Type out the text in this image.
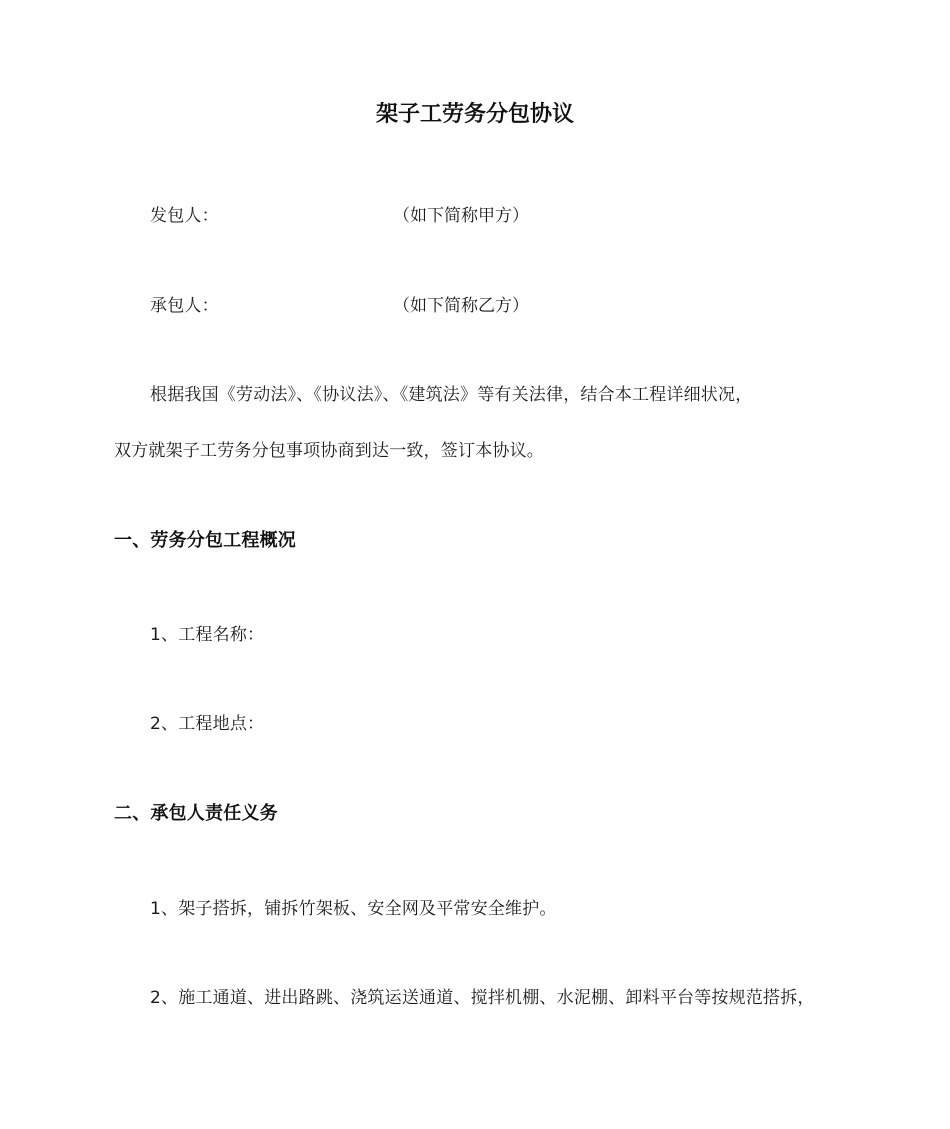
架子工劳务分包协议
发包人：	（如下简称甲方）
承包人：	（如下简称乙方）
根据我国《劳动法》、《协议法》、《建筑法》等有关法律，结合本工程详细状况，
双方就架子工劳务分包事项协商到达一致，签订本协议。
一、劳务分包工程概况
1、工程名称：
2、工程地点：
二、承包人责任义务
1、架子搭拆，铺拆竹架板、安全网及平常安全维护。
2、施工通道、进出路跳、浇筑运送通道、搅拌机棚、水泥棚、卸料平台等按规范搭拆，
